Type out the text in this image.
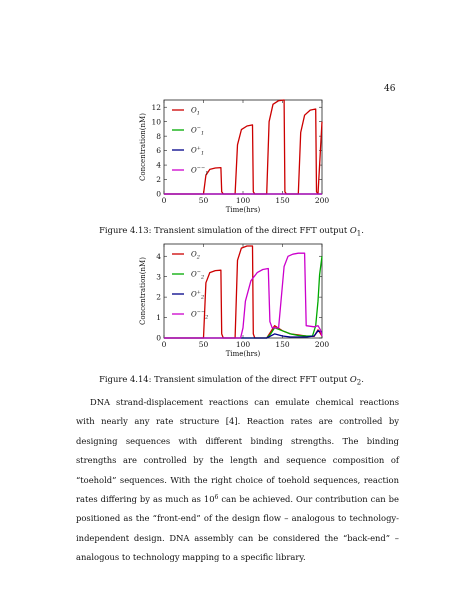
46
0	50	100	150	200
0
2
4
6
8
10
12	$O_1$
$O^-_1$
$O^+_1$
$O^{--}_1$
Time(hrs)
Concentration(nM)
Figure 4.13: Transient simulation of the direct FFT output $O_1$.
0	50	100	150	200
0
1
2
3
4	$O_2$
$O^-_2$
$O^+_2$
$O^{--}_2$
Time(hrs)
Concentration(nM)
Figure 4.14: Transient simulation of the direct FFT output $O_2$.

DNA strand-displacement reactions can emulate chemical reactions with nearly any rate structure [4]. Reaction rates are controlled by designing sequences with different binding strengths. The binding strengths are controlled by the length and sequence composition of “toehold” sequences. With the right choice of toehold sequences, reaction rates differing by as much as $10^6$ can be achieved. Our contribution can be positioned as the “front-end” of the design flow – analogous to technology-independent design. DNA assembly can be considered the “back-end” – analogous to technology mapping to a specific library.
